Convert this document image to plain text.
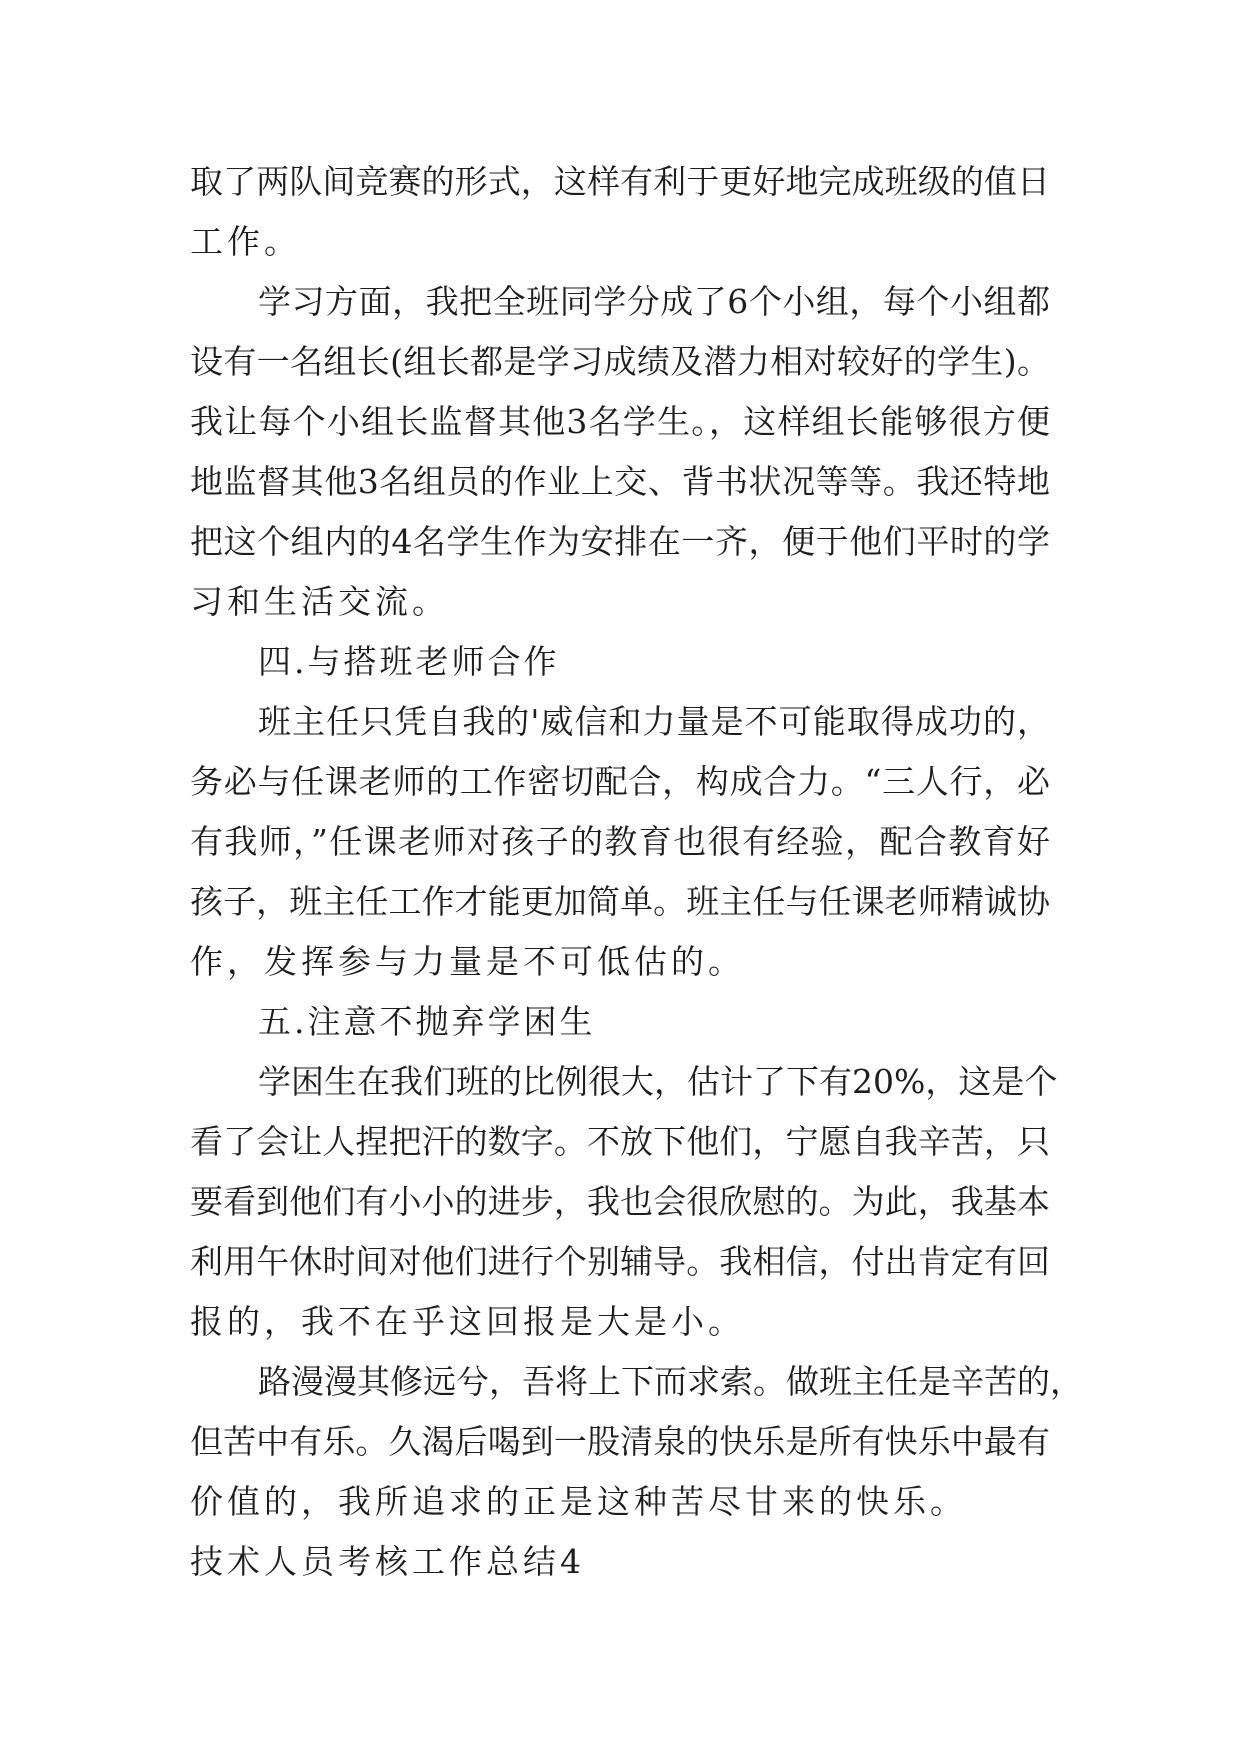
取了两队间竞赛的形式，这样有利于更好地完成班级的值日
工作。
学习方面，我把全班同学分成了6个小组，每个小组都
设有一名组长(组长都是学习成绩及潜力相对较好的学生)。
我让每个小组长监督其他3名学生。，这样组长能够很方便
地监督其他3名组员的作业上交、背书状况等等。我还特地
把这个组内的4名学生作为安排在一齐，便于他们平时的学
习和生活交流。
四.与搭班老师合作
班主任只凭自我的'威信和力量是不可能取得成功的，
务必与任课老师的工作密切配合，构成合力。“三人行，必
有我师，”任课老师对孩子的教育也很有经验，配合教育好
孩子，班主任工作才能更加简单。班主任与任课老师精诚协
作，发挥参与力量是不可低估的。
五.注意不抛弃学困生
学困生在我们班的比例很大，估计了下有20%，这是个
看了会让人捏把汗的数字。不放下他们，宁愿自我辛苦，只
要看到他们有小小的进步，我也会很欣慰的。为此，我基本
利用午休时间对他们进行个别辅导。我相信，付出肯定有回
报的，我不在乎这回报是大是小。
路漫漫其修远兮，吾将上下而求索。做班主任是辛苦的，
但苦中有乐。久渴后喝到一股清泉的快乐是所有快乐中最有
价值的，我所追求的正是这种苦尽甘来的快乐。
技术人员考核工作总结4
